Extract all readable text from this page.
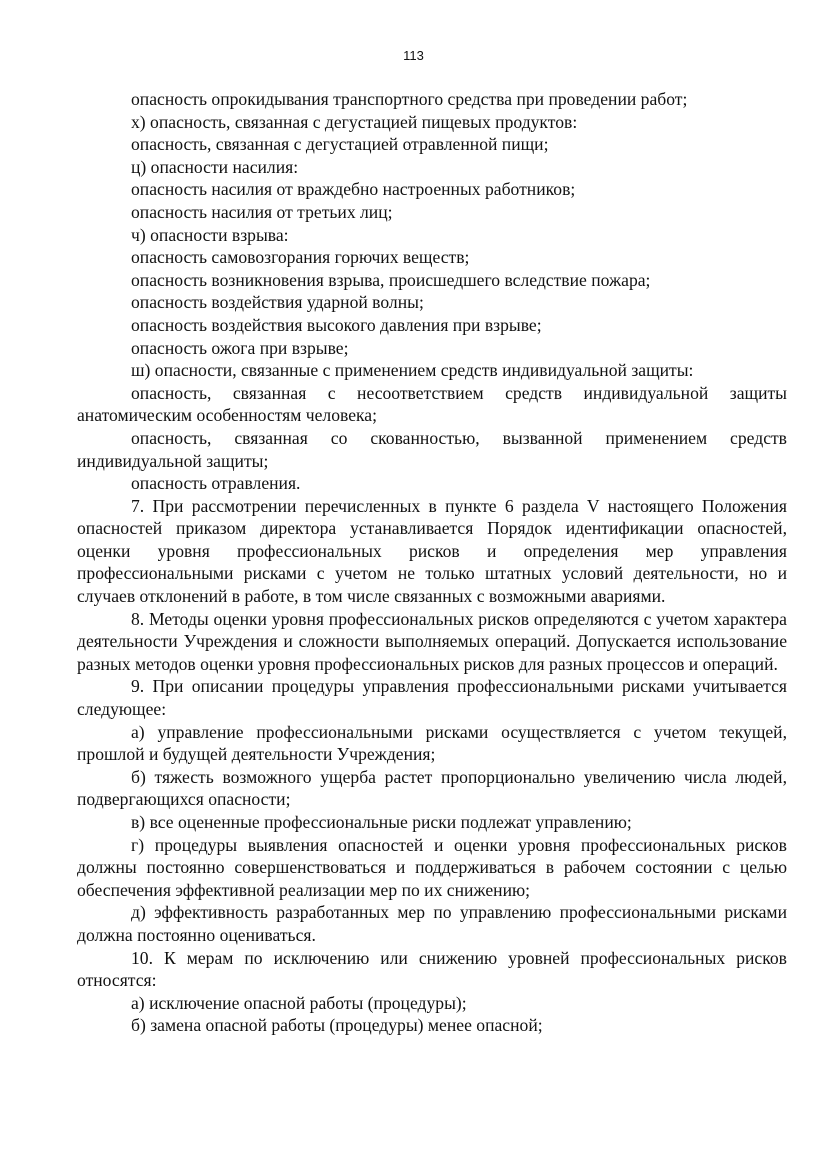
113

опасность опрокидывания транспортного средства при проведении работ;

х) опасность, связанная с дегустацией пищевых продуктов:

опасность, связанная с дегустацией отравленной пищи;

ц) опасности насилия:

опасность насилия от враждебно настроенных работников;

опасность насилия от третьих лиц;

ч) опасности взрыва:

опасность самовозгорания горючих веществ;

опасность возникновения взрыва, происшедшего вследствие пожара;

опасность воздействия ударной волны;

опасность воздействия высокого давления при взрыве;

опасность ожога при взрыве;

ш) опасности, связанные с применением средств индивидуальной защиты:

опасность, связанная с несоответствием средств индивидуальной защиты анатомическим особенностям человека;

опасность, связанная со скованностью, вызванной применением средств индивидуальной защиты;

опасность отравления.

7. При рассмотрении перечисленных в пункте 6 раздела V настоящего Положения опасностей приказом директора устанавливается Порядок идентификации опасностей, оценки уровня профессиональных рисков и определения мер управления профессиональными рисками с учетом не только штатных условий деятельности, но и случаев отклонений в работе, в том числе связанных с возможными авариями.

8. Методы оценки уровня профессиональных рисков определяются с учетом характера деятельности Учреждения и сложности выполняемых операций. Допускается использование разных методов оценки уровня профессиональных рисков для разных процессов и операций.

9. При описании процедуры управления профессиональными рисками учитывается следующее:

а) управление профессиональными рисками осуществляется с учетом текущей, прошлой и будущей деятельности Учреждения;

б) тяжесть возможного ущерба растет пропорционально увеличению числа людей, подвергающихся опасности;

в) все оцененные профессиональные риски подлежат управлению;

г) процедуры выявления опасностей и оценки уровня профессиональных рисков должны постоянно совершенствоваться и поддерживаться в рабочем состоянии с целью обеспечения эффективной реализации мер по их снижению;

д) эффективность разработанных мер по управлению профессиональными рисками должна постоянно оцениваться.

10. К мерам по исключению или снижению уровней профессиональных рисков относятся:

а) исключение опасной работы (процедуры);

б) замена опасной работы (процедуры) менее опасной;
